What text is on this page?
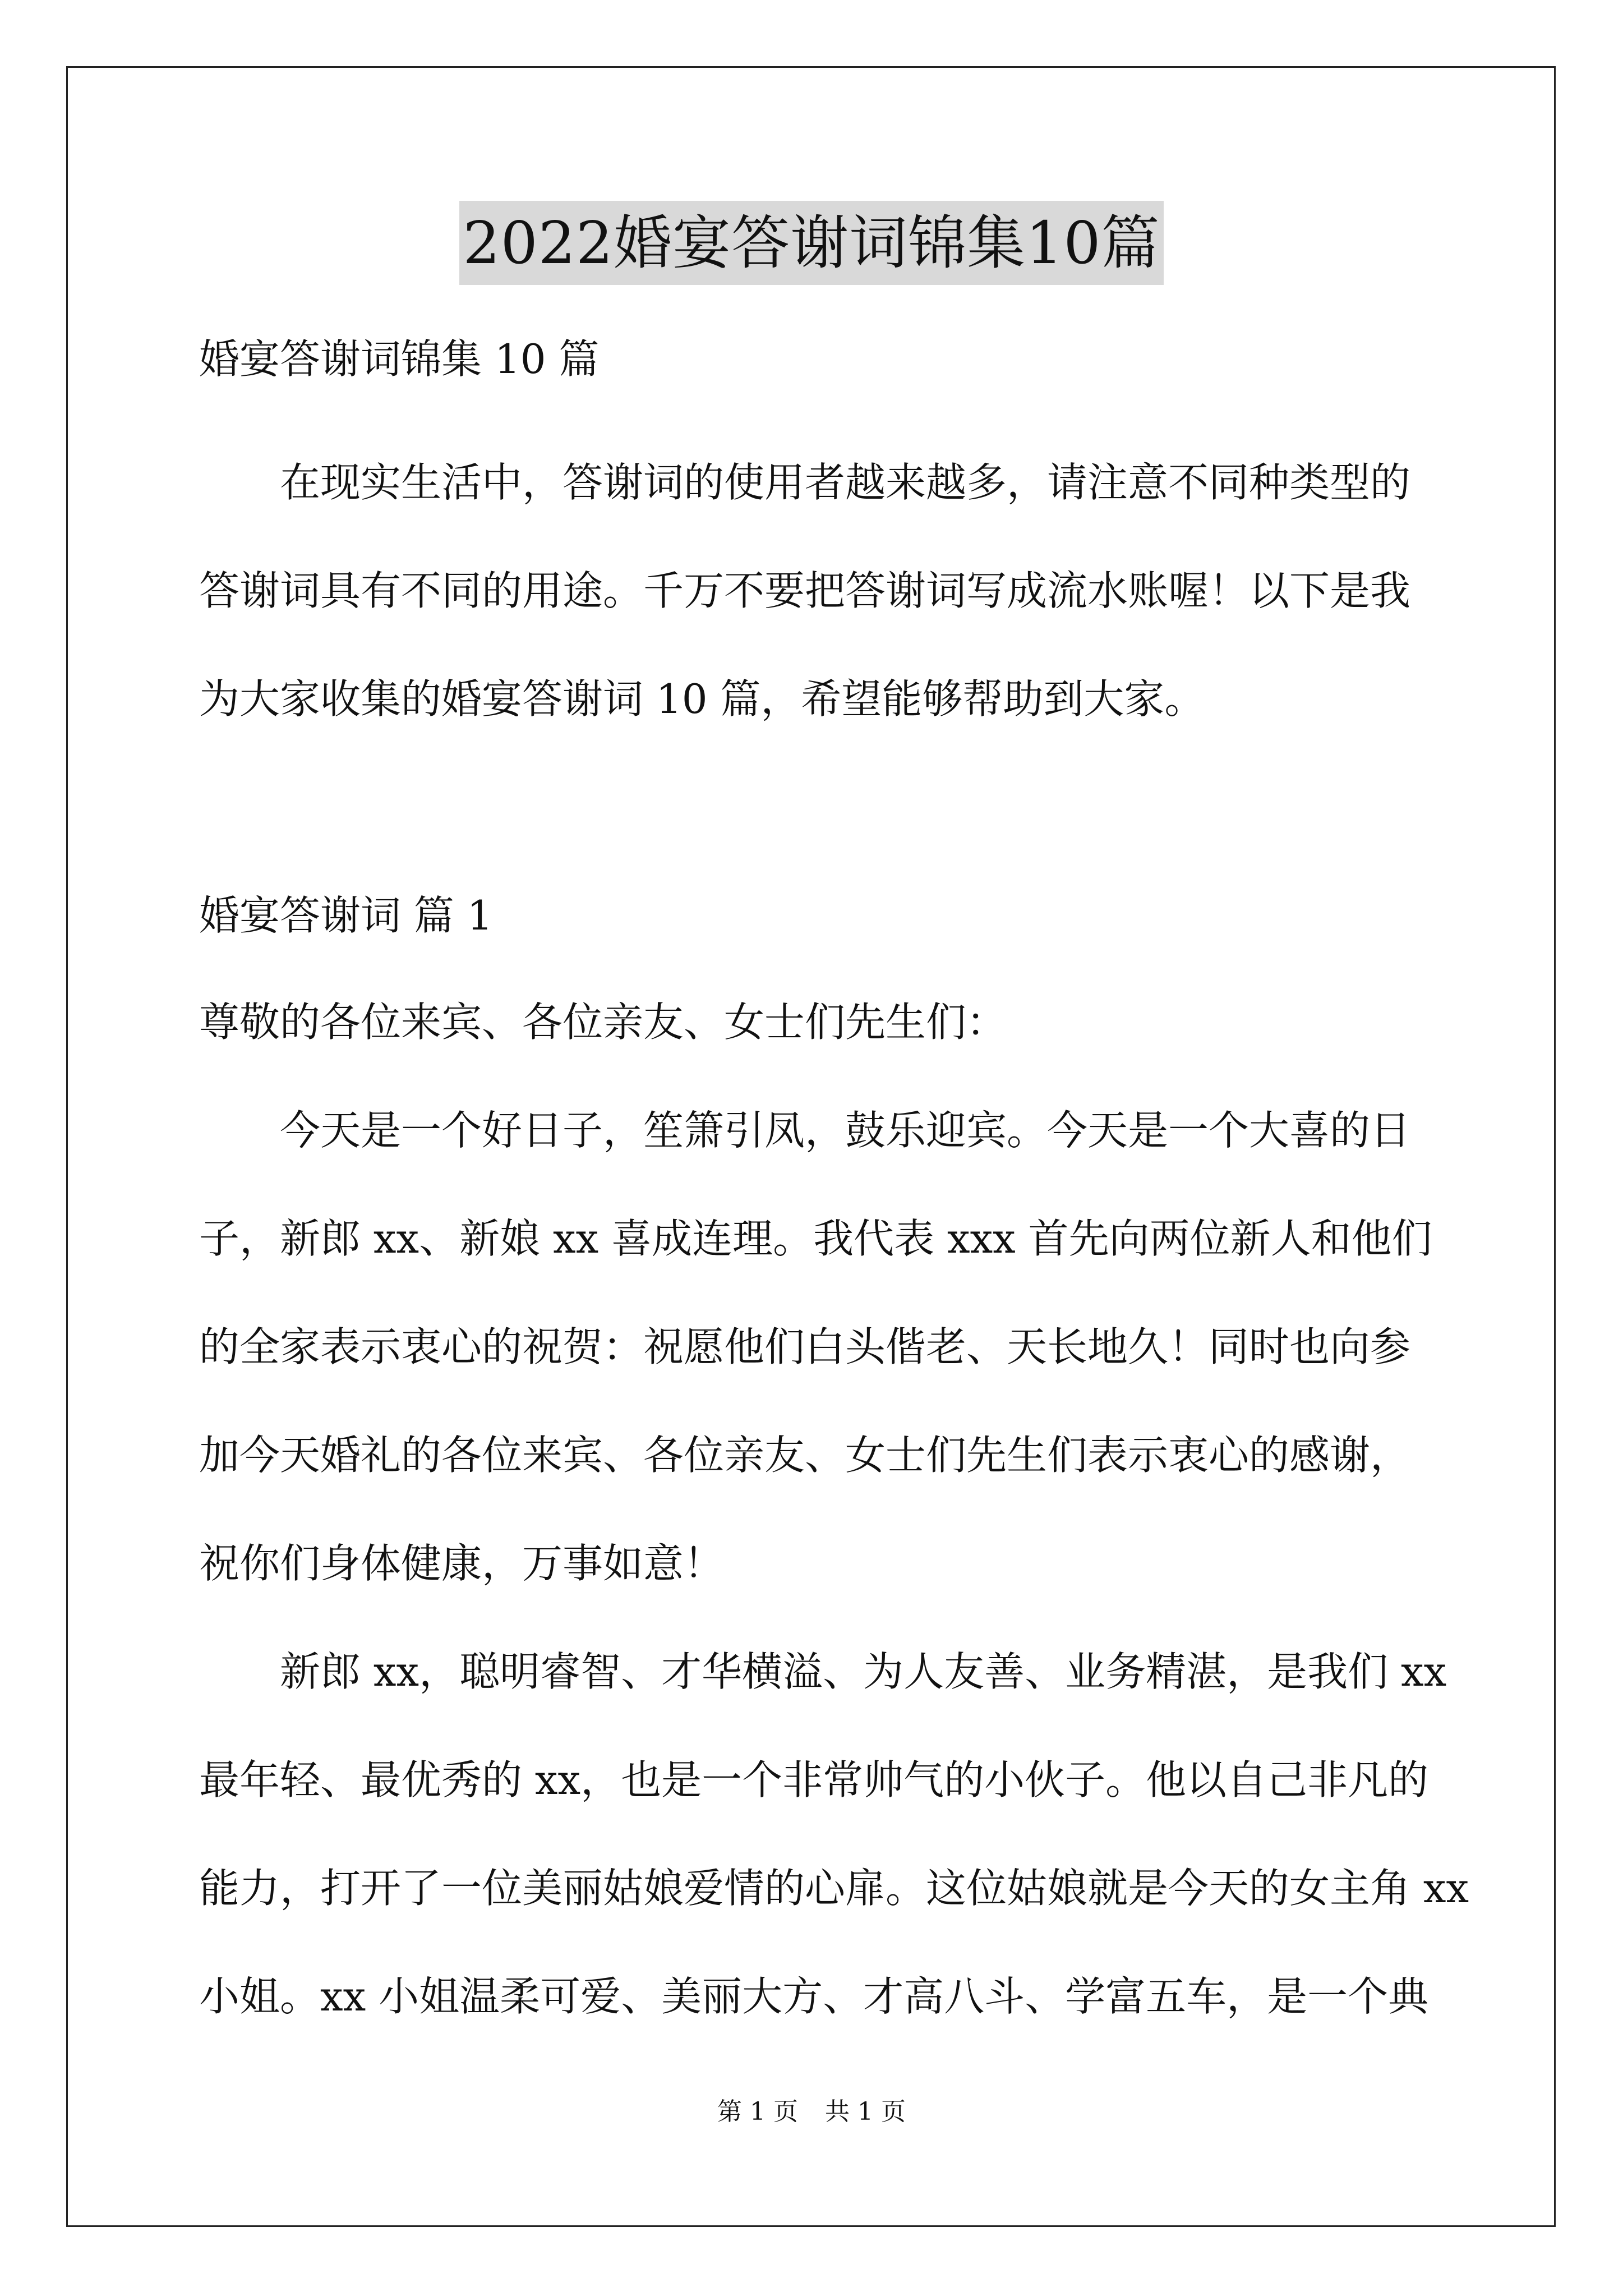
2022婚宴答谢词锦集10篇
婚宴答谢词锦集 10 篇
　　在现实生活中，答谢词的使用者越来越多，请注意不同种类型的
答谢词具有不同的用途。千万不要把答谢词写成流水账喔！以下是我
为大家收集的婚宴答谢词 10 篇，希望能够帮助到大家。
婚宴答谢词 篇 1
尊敬的各位来宾、各位亲友、女士们先生们：
　　今天是一个好日子，笙箫引凤，鼓乐迎宾。今天是一个大喜的日
子，新郎 xx、新娘 xx 喜成连理。我代表 xxx 首先向两位新人和他们
的全家表示衷心的祝贺：祝愿他们白头偕老、天长地久！同时也向参
加今天婚礼的各位来宾、各位亲友、女士们先生们表示衷心的感谢，
祝你们身体健康，万事如意！
　　新郎 xx，聪明睿智、才华横溢、为人友善、业务精湛，是我们 xx
最年轻、最优秀的 xx，也是一个非常帅气的小伙子。他以自己非凡的
能力，打开了一位美丽姑娘爱情的心扉。这位姑娘就是今天的女主角 xx
小姐。xx 小姐温柔可爱、美丽大方、才高八斗、学富五车，是一个典
第 1 页 共 1 页
